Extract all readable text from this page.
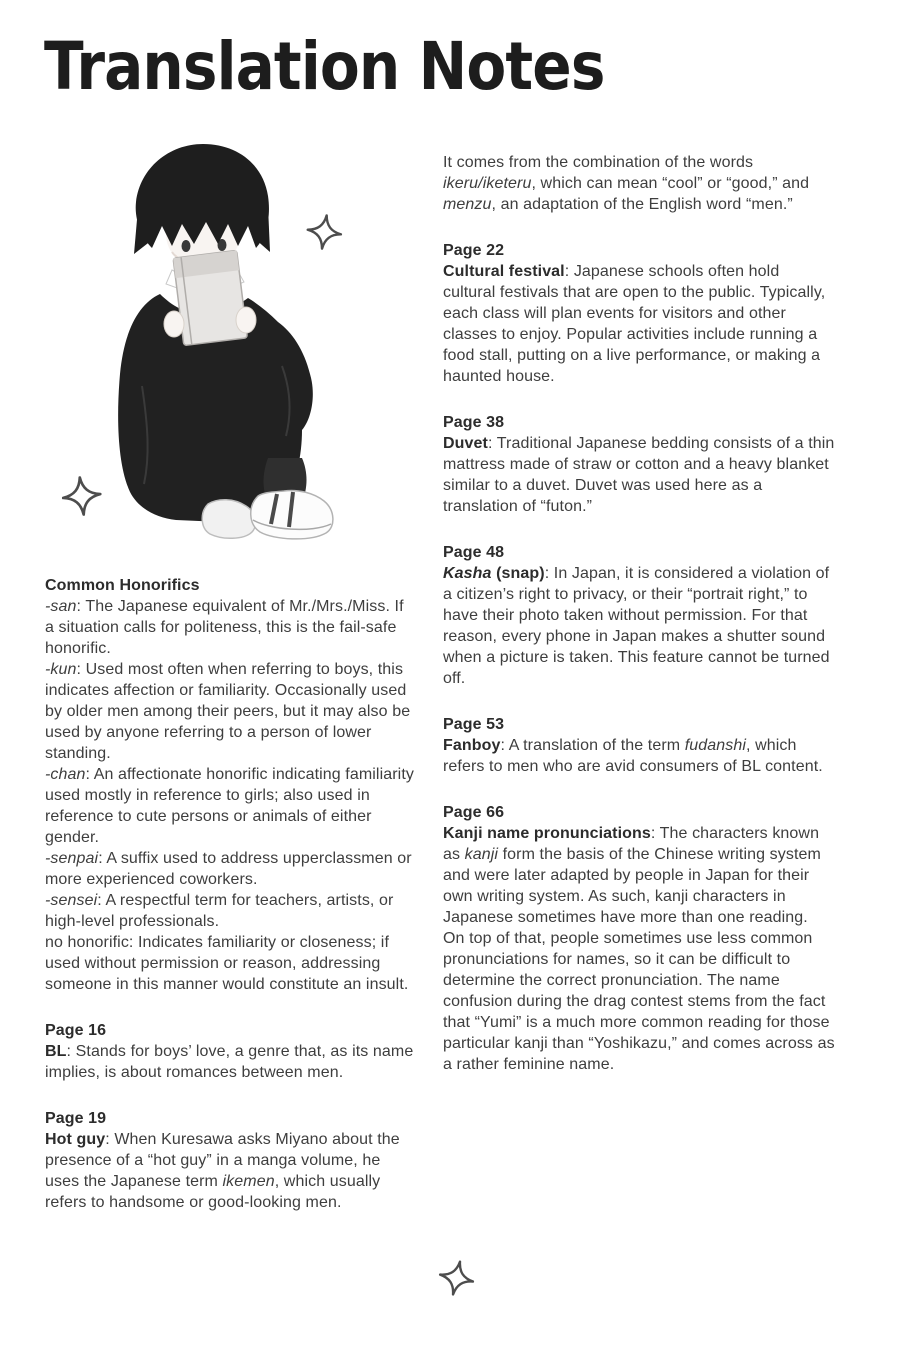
Translation Notes
Common Honorifics

-san: The Japanese equivalent of Mr./Mrs./Miss. If a situation calls for politeness, this is the fail-safe honorific.

-kun: Used most often when referring to boys, this indicates affection or familiarity. Occasionally used by older men among their peers, but it may also be used by anyone referring to a person of lower standing.

-chan: An affectionate honorific indicating familiarity used mostly in reference to girls; also used in reference to cute persons or animals of either gender.

-senpai: A suffix used to address upperclassmen or more experienced coworkers.

-sensei: A respectful term for teachers, artists, or high-level professionals.

no honorific: Indicates familiarity or closeness; if used without permission or reason, addressing someone in this manner would constitute an insult.

Page 16

BL: Stands for boys’ love, a genre that, as its name implies, is about romances between men.

Page 19

Hot guy: When Kuresawa asks Miyano about the presence of a “hot guy” in a manga volume, he uses the Japanese term ikemen, which usually refers to handsome or good-looking men.

It comes from the combination of the words ikeru/iketeru, which can mean “cool” or “good,” and menzu, an adaptation of the English word “men.”

Page 22

Cultural festival: Japanese schools often hold cultural festivals that are open to the public. Typically, each class will plan events for visitors and other classes to enjoy. Popular activities include running a food stall, putting on a live performance, or making a haunted house.

Page 38

Duvet: Traditional Japanese bedding consists of a thin mattress made of straw or cotton and a heavy blanket similar to a duvet. Duvet was used here as a translation of “futon.”

Page 48

Kasha (snap): In Japan, it is considered a violation of a citizen’s right to privacy, or their “portrait right,” to have their photo taken without permission. For that reason, every phone in Japan makes a shutter sound when a picture is taken. This feature cannot be turned off.

Page 53

Fanboy: A translation of the term fudanshi, which refers to men who are avid consumers of BL content.

Page 66

Kanji name pronunciations: The characters known as kanji form the basis of the Chinese writing system and were later adapted by people in Japan for their own writing system. As such, kanji characters in Japanese sometimes have more than one reading.

On top of that, people sometimes use less common pronunciations for names, so it can be difficult to determine the correct pronunciation. The name confusion during the drag contest stems from the fact that “Yumi” is a much more common reading for those particular kanji than “Yoshikazu,” and comes across as a rather feminine name.
